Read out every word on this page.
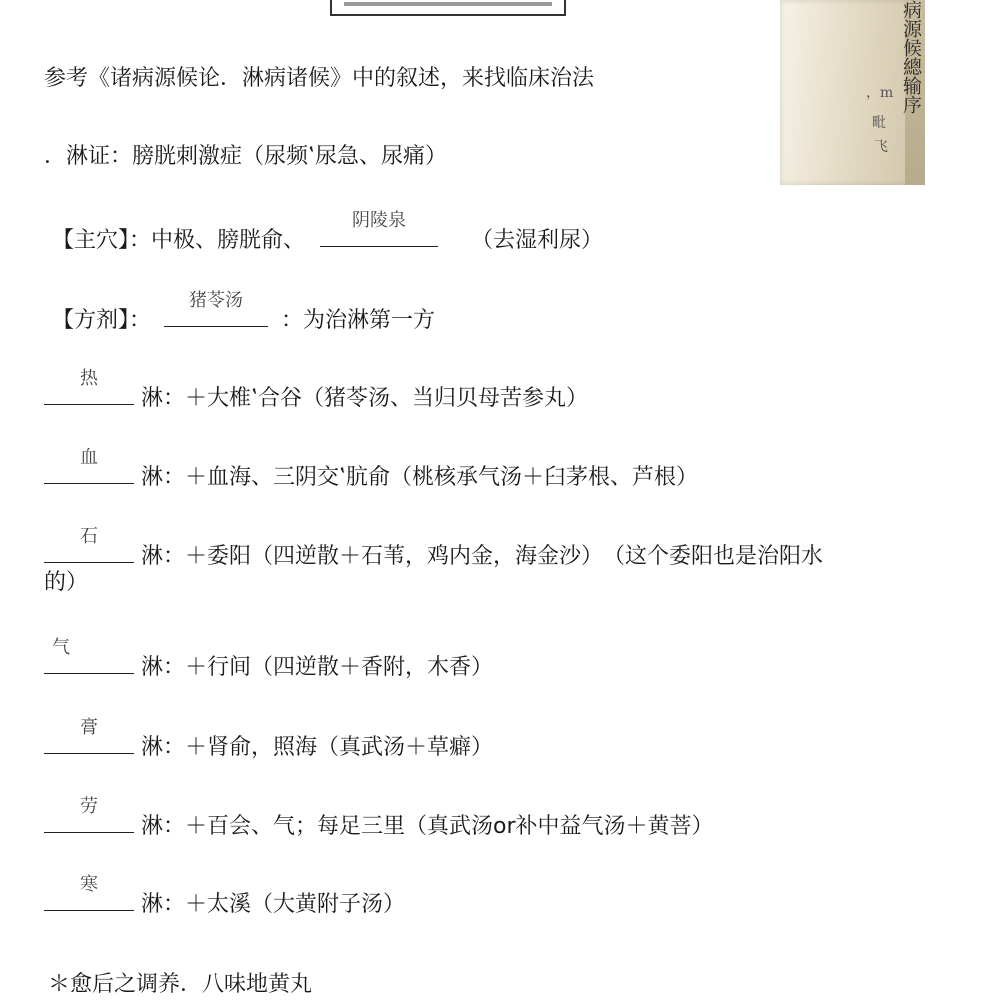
病源候總输序
，m
毗
飞
参考《诸病源候论．淋病诸候》中的叙述，来找临床治法
．淋证：膀胱刺激症（尿频‛尿急、尿痛）
【主穴】：中极、膀胱俞、
阴陵泉
（去湿利尿）
【方剂】：
猪苓汤
：为治淋第一方
热
淋：＋大椎‛合谷（猪苓汤、当归贝母苦参丸）
血
淋：＋血海、三阴交‛肮俞（桃核承气汤＋臼茅根、芦根）
石
淋：＋委阳（四逆散＋石苇，鸡内金，海金沙）　（这个委阳也是治阳水
的）
气
淋：＋行间（四逆散＋香附，木香）
膏
淋：＋肾俞，照海（真武汤＋草癖）
劳
淋：＋百会、气；每足三里（真武汤or补中益气汤＋黄菩）
寒
淋：＋太溪（大黄附子汤）
＊愈后之调养．八味地黄丸
